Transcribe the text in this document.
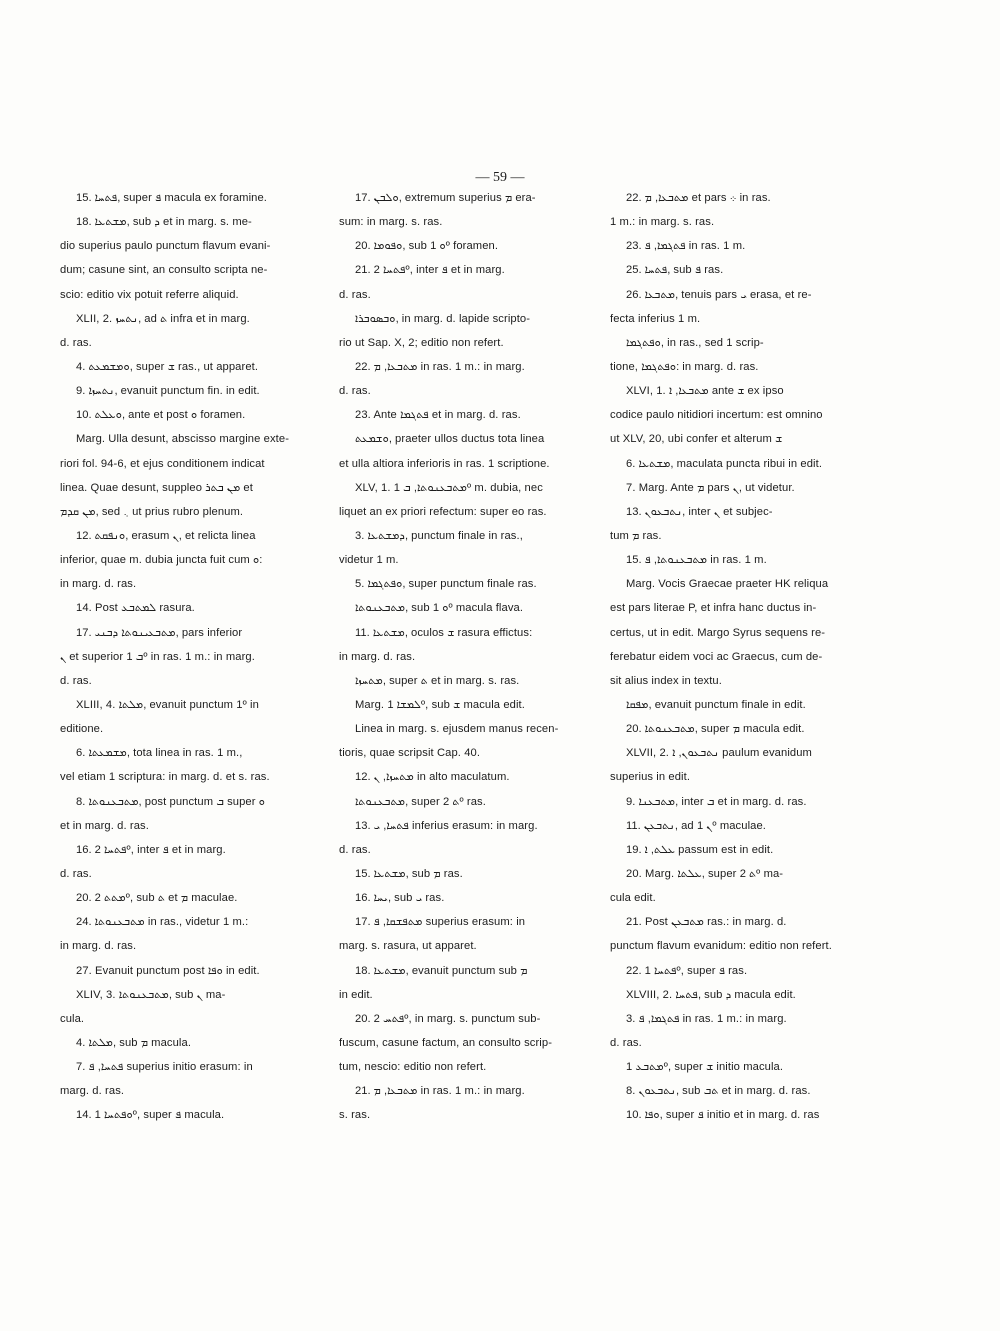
— 59 —
15. ܦܬܚܐ, super ܦ macula ex foramine.
18. ܡܫܬܥܐ, sub ܕ et in marg. s. me-
dio superius paulo punctum flavum evani-
dum; casune sint, an consulto scripta ne-
scio: editio vix potuit referre aliquid.
XLII, 2. ܢܬܚܙ, ad ܬ infra et in marg.
d. ras.
4. ܘܡܫܡܥܬ, super ܫ ras., ut apparet.
9. ܢܬܚܙܐ, evanuit punctum fin. in edit.
10. ܘܥܠܬ, ante et post ܘ foramen.
Marg. Ulla desunt, abscisso margine exte-
riori fol. 94-6, et ejus conditionem indicat
linea. Quae desunt, suppleo ܡܢ ܒܬܪ et
ܡܢ ܩܕܡ, sed ܆ ut prius rubro plenum.
12. ܘܢܦܩܬ, erasum ܢ, et relicta linea
inferior, quae m. dubia juncta fuit cum ܘ:
in marg. d. ras.
14. Post ܠܡܬܒܥ rasura.
17. ܡܬܒܥܝܢܘܬܐ ܕܒܢܝ, pars inferior
ܢ et superior ܒ 1º in ras. 1 m.: in marg.
d. ras.
XLIII, 4. ܡܠܬܐ, evanuit punctum 1º in
editione.
6. ܡܫܡܥܬܐ, tota linea in ras. 1 m.,
vel etiam 1 scriptura: in marg. d. et s. ras.
8. ܡܬܒܥܢܘܬܐ, post punctum ܒ super ܘ
et in marg. d. ras.
16. ܦܬܚܐ 2º, inter ܦ et in marg.
d. ras.
20. ܡܬܬ 2º, sub ܬ et ܡ maculae.
24. ܡܬܒܥܢܘܬܐ in ras., videtur 1 m.:
in marg. d. ras.
27. Evanuit punctum post ܘܦܐ in edit.
XLIV, 3. ܡܬܒܥܢܘܬܐ, sub ܢ ma-
cula.
4. ܡܠܬܐ, sub ܡ macula.
7. ܦܬܚܐ, ܦ superius initio erasum: in
marg. d. ras.
14. ܘܦܬܚܐ 1º, super ܦ macula.
17. ܘܠܒܢ, extremum superius ܡ era-
sum: in marg. s. ras.
20. ܘܦܘܡܐ, sub ܘ 1º foramen.
21. ܦܬܚܐ 2º, inter ܦ et in marg.
d. ras.
ܘܒܣܘܒܪܐ, in marg. d. lapide scripto-
rio ut Sap. X, 2; editio non refert.
22. ܡܬܒܥܐ, ܡ in ras. 1 m.: in marg.
d. ras.
23. Ante ܦܬܓܡܐ et in marg. d. ras.
ܘܫܡܥܬ, praeter ullos ductus tota linea
et ulla altiora inferioris in ras. 1 scriptione.
XLV, 1. ܡܬܒܥܢܘܬܐ, ܒ 1º m. dubia, nec
liquet an ex priori refectum: super eo ras.
3. ܕܡܫܬܥܐ, punctum finale in ras.,
videtur 1 m.
5. ܘܦܬܓܡܐ, super punctum finale ras.
ܡܬܒܥܢܘܬܐ, sub ܘ 1º macula flava.
11. ܡܫܬܥܐ, oculos ܫ rasura effictus:
in marg. d. ras.
ܡܬܚܙܐ, super ܬ et in marg. s. ras.
Marg. ܠܡܫܐ 1º, sub ܫ macula edit.
Linea in marg. s. ejusdem manus recen-
tioris, quae scripsit Cap. 40.
12. ܡܬܚܙܐ, ܢ in alto maculatum.
ܡܬܒܥܢܘܬܐ, super ܬ 2º ras.
13. ܦܬܚܐ, ܝ inferius erasum: in marg.
d. ras.
15. ܡܫܬܥܐ, sub ܡ ras.
16. ܝܚܐ, sub ܝ ras.
17. ܡܬܦܫܩܐ, ܦ superius erasum: in
marg. s. rasura, ut apparet.
18. ܡܫܬܥܐ, evanuit punctum sub ܡ
in edit.
20. ܦܬܚ 2º, in marg. s. punctum sub-
fuscum, casune factum, an consulto scrip-
tum, nescio: editio non refert.
21. ܡܬܒܥܐ, ܡ in ras. 1 m.: in marg.
s. ras.
22. ܡܬܒܥܐ, ܡ et pars ܀ in ras.
1 m.: in marg. s. ras.
23. ܦܬܓܡܐ, ܦ in ras. 1 m.
25. ܦܬܚܐ, sub ܦ ras.
26. ܡܬܒܥܐ, tenuis pars ܝ erasa, et re-
fecta inferius 1 m.
ܘܦܬܓܡܐ, in ras., sed 1 scrip-
tione, ܘܦܬܓܡܐ: in marg. d. ras.
XLVI, 1. ܡܬܒܥܐ, ܐ ante ܫ ex ipso
codice paulo nitidiori incertum: est omnino
ut XLV, 20, ubi confer et alterum ܫ
6. ܡܫܬܥܐ, maculata puncta ribui in edit.
7. Marg. Ante ܡ pars ܢ, ut videtur.
13. ܢܬܒܥܘܢ, inter ܢ et subjec-
tum ܡ ras.
15. ܡܬܒܥܢܘܬܐ, ܦ in ras. 1 m.
Marg. Vocis Graecae praeter HK reliqua
est pars literae P, et infra hanc ductus in-
certus, ut in edit. Margo Syrus sequens re-
ferebatur eidem voci ac Graecus, cum de-
sit alius index in textu.
ܡܦܩܐ, evanuit punctum finale in edit.
20. ܡܬܒܥܢܘܬܐ, super ܡ macula edit.
XLVII, 2. ܢܬܒܥܘܢ, ܐ paulum evanidum
superius in edit.
9. ܡܬܒܥܢܐ, inter ܒ et in marg. d. ras.
11. ܢܬܒܥܢ, ad ܢ 1º maculae.
19. ܥܠܬ, ܐ passum est in edit.
20. Marg. ܥܠܬܐ, super ܬ 2º ma-
cula edit.
21. Post ܡܬܒܥܢ ras.: in marg. d.
punctum flavum evanidum: editio non refert.
22. ܦܬܚܐ 1º, super ܦ ras.
XLVIII, 2. ܦܬܚܐ, sub ܕ macula edit.
3. ܦܬܓܡܐ, ܦ in ras. 1 m.: in marg.
d. ras.
ܡܬܒܥ 1º, super ܫ initio macula.
8. ܢܬܒܥܘܢ, sub ܬܒ et in marg. d. ras.
10. ܘܦܐ, super ܦ initio et in marg. d. ras
